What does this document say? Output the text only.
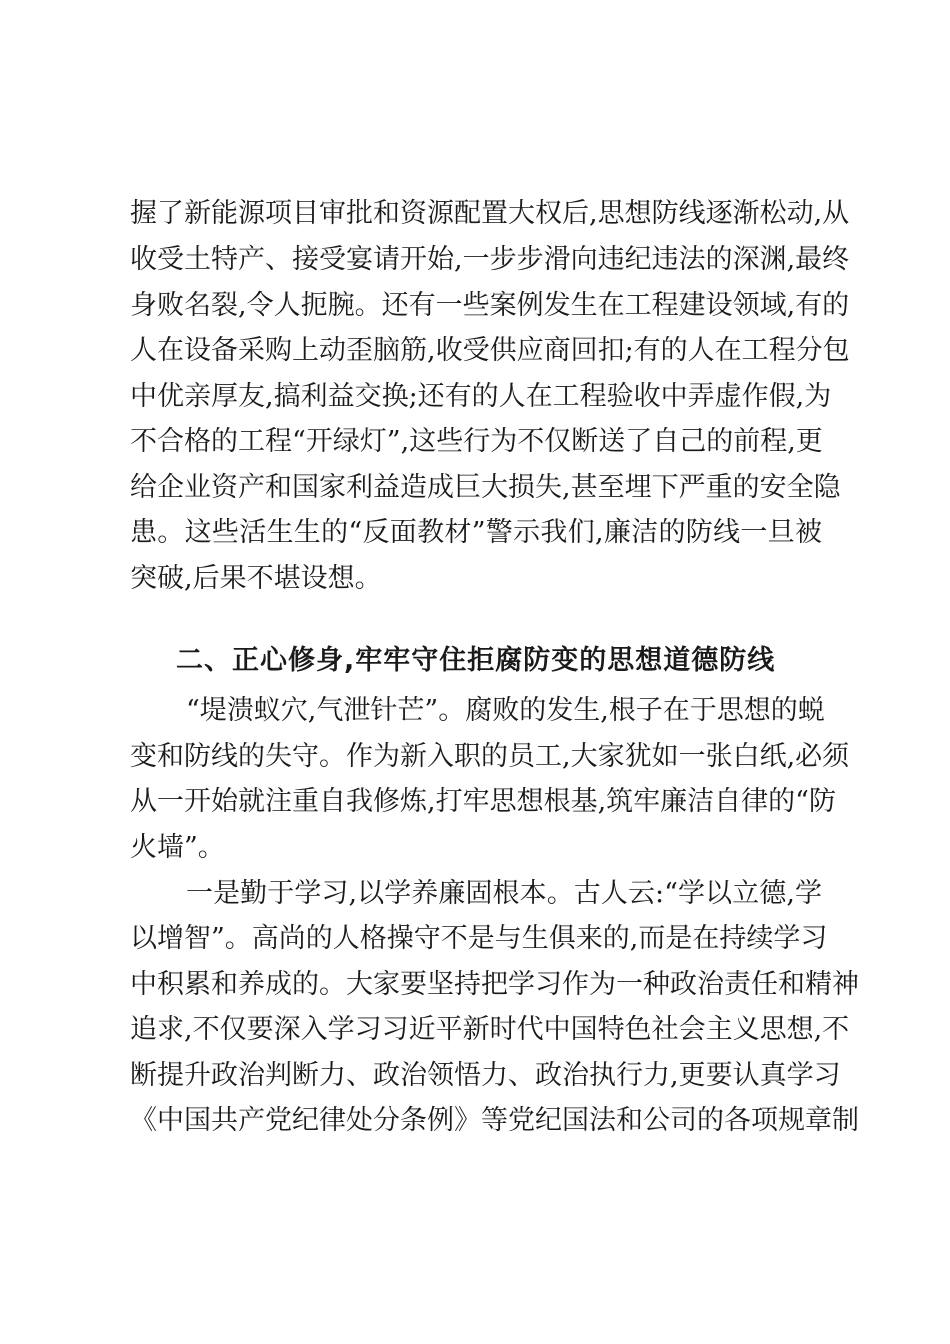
握了新能源项目审批和资源配置大权后,思想防线逐渐松动,从
收受土特产、接受宴请开始,一步步滑向违纪违法的深渊,最终
身败名裂,令人扼腕。还有一些案例发生在工程建设领域,有的
人在设备采购上动歪脑筋,收受供应商回扣;有的人在工程分包
中优亲厚友,搞利益交换;还有的人在工程验收中弄虚作假,为
不合格的工程“开绿灯”,这些行为不仅断送了自己的前程,更
给企业资产和国家利益造成巨大损失,甚至埋下严重的安全隐
患。这些活生生的“反面教材”警示我们,廉洁的防线一旦被
突破,后果不堪设想。
二、正心修身,牢牢守住拒腐防变的思想道德防线
“堤溃蚁穴,气泄针芒”。腐败的发生,根子在于思想的蜕
变和防线的失守。作为新入职的员工,大家犹如一张白纸,必须
从一开始就注重自我修炼,打牢思想根基,筑牢廉洁自律的“防
火墙”。
一是勤于学习,以学养廉固根本。古人云:“学以立德,学
以增智”。高尚的人格操守不是与生俱来的,而是在持续学习
中积累和养成的。大家要坚持把学习作为一种政治责任和精神
追求,不仅要深入学习习近平新时代中国特色社会主义思想,不
断提升政治判断力、政治领悟力、政治执行力,更要认真学习
《中国共产党纪律处分条例》等党纪国法和公司的各项规章制
